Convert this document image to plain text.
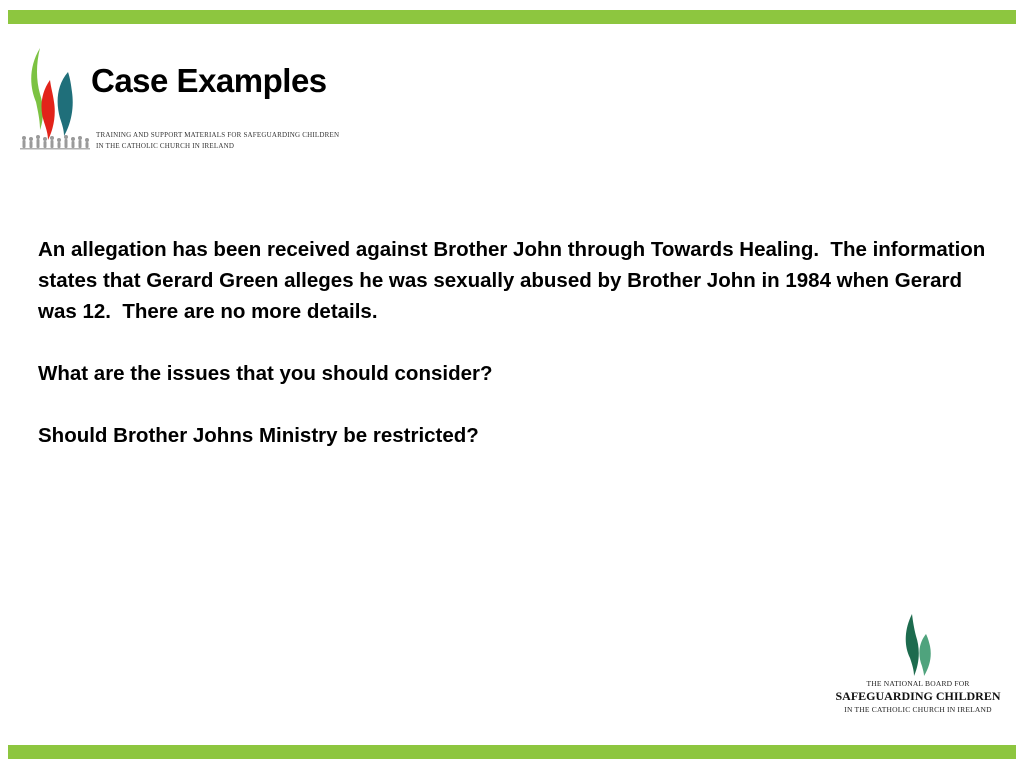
Case Examples
TRAINING AND SUPPORT MATERIALS FOR SAFEGUARDING CHILDREN
IN THE CATHOLIC CHURCH IN IRELAND

An allegation has been received against Brother John through Towards Healing.  The information states that Gerard Green alleges he was sexually abused by Brother John in 1984 when Gerard was 12.  There are no more details.

What are the issues that you should consider?

Should Brother Johns Ministry be restricted?

THE NATIONAL BOARD FOR
SAFEGUARDING CHILDREN
IN THE CATHOLIC CHURCH IN IRELAND
